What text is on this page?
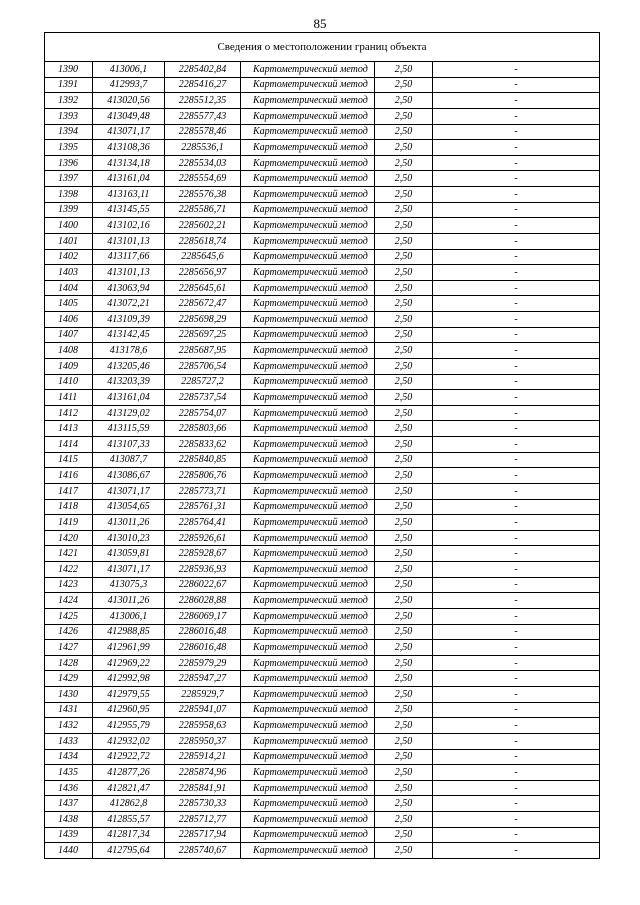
85
Сведения о местоположении границ объекта					
1390	413006,1	2285402,84	Картометрический метод	2,50	-
1391	412993,7	2285416,27	Картометрический метод	2,50	-
1392	413020,56	2285512,35	Картометрический метод	2,50	-
1393	413049,48	2285577,43	Картометрический метод	2,50	-
1394	413071,17	2285578,46	Картометрический метод	2,50	-
1395	413108,36	2285536,1	Картометрический метод	2,50	-
1396	413134,18	2285534,03	Картометрический метод	2,50	-
1397	413161,04	2285554,69	Картометрический метод	2,50	-
1398	413163,11	2285576,38	Картометрический метод	2,50	-
1399	413145,55	2285586,71	Картометрический метод	2,50	-
1400	413102,16	2285602,21	Картометрический метод	2,50	-
1401	413101,13	2285618,74	Картометрический метод	2,50	-
1402	413117,66	2285645,6	Картометрический метод	2,50	-
1403	413101,13	2285656,97	Картометрический метод	2,50	-
1404	413063,94	2285645,61	Картометрический метод	2,50	-
1405	413072,21	2285672,47	Картометрический метод	2,50	-
1406	413109,39	2285698,29	Картометрический метод	2,50	-
1407	413142,45	2285697,25	Картометрический метод	2,50	-
1408	413178,6	2285687,95	Картометрический метод	2,50	-
1409	413205,46	2285706,54	Картометрический метод	2,50	-
1410	413203,39	2285727,2	Картометрический метод	2,50	-
1411	413161,04	2285737,54	Картометрический метод	2,50	-
1412	413129,02	2285754,07	Картометрический метод	2,50	-
1413	413115,59	2285803,66	Картометрический метод	2,50	-
1414	413107,33	2285833,62	Картометрический метод	2,50	-
1415	413087,7	2285840,85	Картометрический метод	2,50	-
1416	413086,67	2285806,76	Картометрический метод	2,50	-
1417	413071,17	2285773,71	Картометрический метод	2,50	-
1418	413054,65	2285761,31	Картометрический метод	2,50	-
1419	413011,26	2285764,41	Картометрический метод	2,50	-
1420	413010,23	2285926,61	Картометрический метод	2,50	-
1421	413059,81	2285928,67	Картометрический метод	2,50	-
1422	413071,17	2285936,93	Картометрический метод	2,50	-
1423	413075,3	2286022,67	Картометрический метод	2,50	-
1424	413011,26	2286028,88	Картометрический метод	2,50	-
1425	413006,1	2286069,17	Картометрический метод	2,50	-
1426	412988,85	2286016,48	Картометрический метод	2,50	-
1427	412961,99	2286016,48	Картометрический метод	2,50	-
1428	412969,22	2285979,29	Картометрический метод	2,50	-
1429	412992,98	2285947,27	Картометрический метод	2,50	-
1430	412979,55	2285929,7	Картометрический метод	2,50	-
1431	412960,95	2285941,07	Картометрический метод	2,50	-
1432	412955,79	2285958,63	Картометрический метод	2,50	-
1433	412932,02	2285950,37	Картометрический метод	2,50	-
1434	412922,72	2285914,21	Картометрический метод	2,50	-
1435	412877,26	2285874,96	Картометрический метод	2,50	-
1436	412821,47	2285841,91	Картометрический метод	2,50	-
1437	412862,8	2285730,33	Картометрический метод	2,50	-
1438	412855,57	2285712,77	Картометрический метод	2,50	-
1439	412817,34	2285717,94	Картометрический метод	2,50	-
1440	412795,64	2285740,67	Картометрический метод	2,50	-
